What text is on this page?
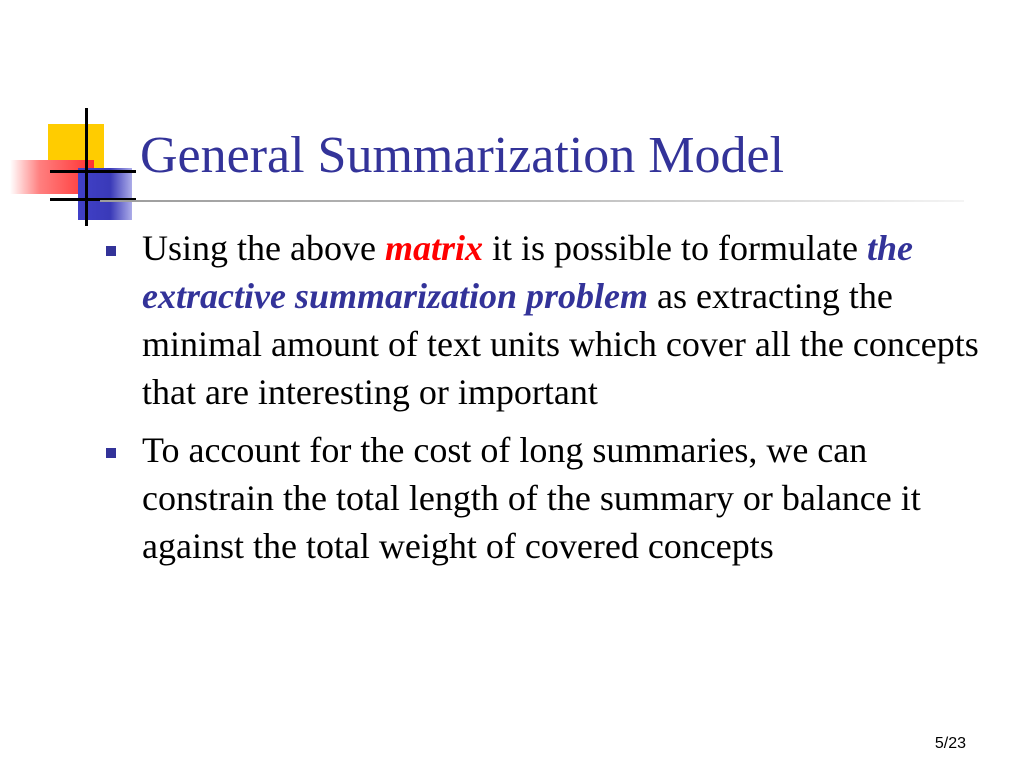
General Summarization Model
Using the above matrix it is possible to formulate the extractive summarization problem as extracting the minimal amount of text units which cover all the concepts that are interesting or important
To account for the cost of long summaries, we can constrain the total length of the summary or balance it against the total weight of covered concepts
5/23
